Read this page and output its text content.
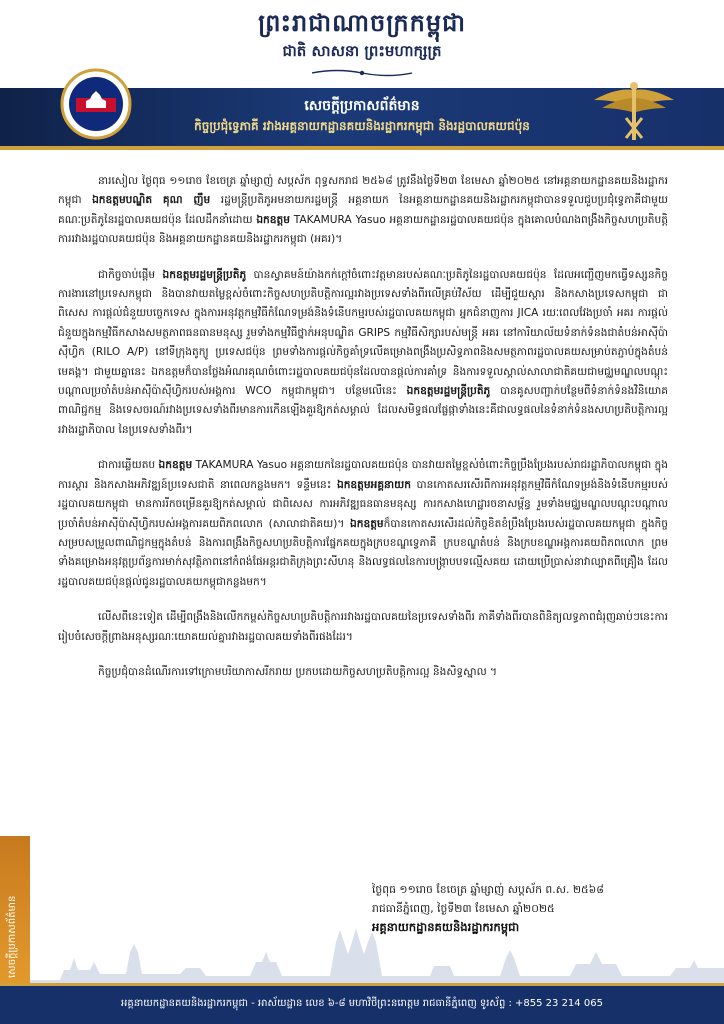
ព្រះរាជាណាចក្រកម្ពុជា
ជាតិ សាសនា ព្រះមហាក្សត្រ
សេចក្តីប្រកាសព័ត៌មាន
កិច្ចប្រជុំទ្វេភាគី រវាងអគ្គនាយកដ្ឋានគយនិងរដ្ឋាករកម្ពុជា និងរដ្ឋបាលគយជប៉ុន

នារសៀល ថ្ងៃពុធ ១១រោច ខែចេត្រ ឆ្នាំម្សាញ់ សប្តស័ក ពុទ្ធសករាជ ២៥៦៨ ត្រូវនឹងថ្ងៃទី២៣ ខែមេសា ឆ្នាំ២០២៥ នៅអគ្គនាយកដ្ឋានគយនិងរដ្ឋាករកម្ពុជា ឯកឧត្តមបណ្ឌិត គុណ ញឹម រដ្ឋមន្ត្រីប្រតិភូអមនាយករដ្ឋមន្ត្រី អគ្គនាយក នៃអគ្គនាយកដ្ឋានគយនិងរដ្ឋាករកម្ពុជាបានទទួលជួបប្រជុំទ្វេភាគីជាមួយគណៈប្រតិភូនៃរដ្ឋបាលគយជប៉ុន ដែលដឹកនាំដោយ ឯកឧត្តម TAKAMURA Yasuo អគ្គនាយកដ្ឋានរដ្ឋបាលគយជប៉ុន ក្នុងគោលបំណងពង្រឹងកិច្ចសហប្រតិបត្តិការរវាងរដ្ឋបាលគយជប៉ុន និងអគ្គនាយកដ្ឋានគយនិងរដ្ឋាករកម្ពុជា (អគរ)។

ជាកិច្ចចាប់ផ្តើម ឯកឧត្តមរដ្ឋមន្ត្រីប្រតិភូ បានស្វាគមន៍យ៉ាងកក់ក្តៅចំពោះវត្តមានរបស់គណៈប្រតិភូនៃរដ្ឋបាលគយជប៉ុន ដែលអញ្ជើញមកធ្វើទស្សនកិច្ចការងារនៅប្រទេសកម្ពុជា និងបានវាយតម្លៃខ្ពស់ចំពោះកិច្ចសហប្រតិបត្តិការល្អរវាងប្រទេសទាំងពីរលើគ្រប់វិស័យ ដើម្បីជួយស្តារ និងកសាងប្រទេសកម្ពុជា ជាពិសេស ការផ្តល់ជំនួយបច្ចេកទេស ក្នុងការអនុវត្តកម្មវិធីកំណែទម្រង់និងទំនើបកម្មរបស់រដ្ឋបាលគយកម្ពុជា អ្នកជំនាញការ JICA រយៈពេលវែងប្រចាំ អគរ ការផ្តល់ជំនួយក្នុងកម្មវិធីកសាងសមត្ថភាពធនធានមនុស្ស រួមទាំងកម្មវិធីថ្នាក់អនុបណ្ឌិត GRIPS កម្មវិធីសិក្សារបស់មន្ត្រី អគរ នៅការិយាល័យទំនាក់ទំនងជាតំបន់អាស៊ីប៉ាស៊ីហ្វិក (RILO A/P) នៅទីក្រុងតូក្យូ ប្រទេសជប៉ុន ព្រមទាំងការផ្តល់កិច្ចគាំទ្រលើគម្រោងពង្រឹងប្រសិទ្ធភាពនិងសមត្ថភាពរដ្ឋបាលគយសម្រាប់តភ្ជាប់ក្នុងតំបន់មេគង្គ។ ជាមួយគ្នានេះ ឯកឧត្តមក៏បានថ្លែងអំណរគុណចំពោះរដ្ឋបាលគយជប៉ុនដែលបានផ្តល់ការគាំទ្រ និងការទទួលស្គាល់សាលាជាតិគយជាមជ្ឈមណ្ឌលបណ្តុះបណ្តាលប្រចាំតំបន់អាស៊ីប៉ាស៊ីហ្វិករបស់អង្គការ WCO កម្ពុជាកម្ពុជា។ បន្ថែមលើនេះ ឯកឧត្តមរដ្ឋមន្ត្រីប្រតិភូ បានគូសបញ្ជាក់បន្ថែមពីទំនាក់ទំនងវិនិយោគ ពាណិជ្ជកម្ម និងទេសចរណ៍រវាងប្រទេសទាំងពីរមានការកើនឡើងគួរឱ្យកត់សម្គាល់ ដែលសមិទ្ធផលផ្លែផ្កាទាំងនេះគឺជាលទ្ធផលនៃទំនាក់ទំនងសហប្រតិបត្តិការល្អរវាងរដ្ឋាភិបាល នៃប្រទេសទាំងពីរ។

ជាការឆ្លើយតប ឯកឧត្តម TAKAMURA Yasuo អគ្គនាយកនៃរដ្ឋបាលគយជប៉ុន បានវាយតម្លៃខ្ពស់ចំពោះកិច្ចប្រឹងប្រែងរបស់រាជរដ្ឋាភិបាលកម្ពុជា ក្នុងការស្តារ និងកសាងអភិវឌ្ឍន៍ប្រទេសជាតិ នាពេលកន្លងមក។ ទន្ទឹមនេះ ឯកឧត្តមអគ្គនាយក បានកោតសរសើរពីការអនុវត្តកម្មវិធីកំណែទម្រង់និងទំនើបកម្មរបស់រដ្ឋបាលគយកម្ពុជា មានការរីកចម្រើនគួរឱ្យកត់សម្គាល់ ជាពិសេស ការអភិវឌ្ឍធនធានមនុស្ស ការកសាងហេដ្ឋារចនាសម្ព័ន្ធ រួមទាំងមជ្ឈមណ្ឌលបណ្តុះបណ្តាលប្រចាំតំបន់អាស៊ីប៉ាស៊ីហ្វិករបស់អង្គការគយពិភពលោក (សាលាជាតិគយ)។ ឯកឧត្តមក៏បានកោតសរសើរដល់កិច្ចខិតខំប្រឹងប្រែងរបស់រដ្ឋបាលគយកម្ពុជា ក្នុងកិច្ចសម្របសម្រួលពាណិជ្ជកម្មក្នុងតំបន់ និងការពង្រឹងកិច្ចសហប្រតិបត្តិការផ្នែកគយក្នុងក្របខណ្ឌទ្វេភាគី ក្របខណ្ឌតំបន់ និងក្របខណ្ឌអង្គការគយពិភពលោក ព្រមទាំងគម្រោងអនុវត្តប្រព័ន្ធការមាក់សុវត្ថិភាពនៅកំពង់ផែអន្តរជាតិក្រុងព្រះសីហនុ និងលទ្ធផលនៃការបង្ក្រាបបទល្មើសគយ ដោយប្រើប្រាស់នាវាល្បាតពីគ្រឿង ដែលរដ្ឋបាលគយជប៉ុនផ្តល់ជូនរដ្ឋបាលគយកម្ពុជាកន្លងមក។

លើសពីនេះទៀត ដើម្បីពង្រឹងនិងលើកកម្ពស់កិច្ចសហប្រតិបត្តិការរវាងរដ្ឋបាលគយនៃប្រទេសទាំងពីរ ភាគីទាំងពីរបានពិនិត្យលទ្ធភាពជំរុញឆាប់ៗនេះការរៀបចំសេចក្តីព្រាងអនុស្សរណៈយោគយល់គ្នារវាងរដ្ឋបាលគយទាំងពីរផងដែរ។

កិច្ចប្រជុំបានដំណើរការទៅក្រោមបរិយាកាសរីករាយ ប្រកបដោយកិច្ចសហប្រតិបត្តិការល្អ និងសិទ្ធស្នាល ។

ថ្ងៃពុធ ១១រោច ខែចេត្រ ឆ្នាំម្សាញ់ សប្តស័ក ព.ស. ២៥៦៨
រាជធានីភ្នំពេញ, ថ្ងៃទី២៣ ខែមេសា ឆ្នាំ២០២៥
អគ្គនាយកដ្ឋានគយនិងរដ្ឋាករកម្ពុជា
សេចក្តីប្រកាសព័ត៌មាន
អគ្គនាយកដ្ឋានគយនិងរដ្ឋាករកម្ពុជា - អាស័យដ្ឋាន លេខ ៦-៨ មហាវិថីព្រះនរោត្តម រាជធានីភ្នំពេញ ទូរស័ព្ទ : +855 23 214 065
